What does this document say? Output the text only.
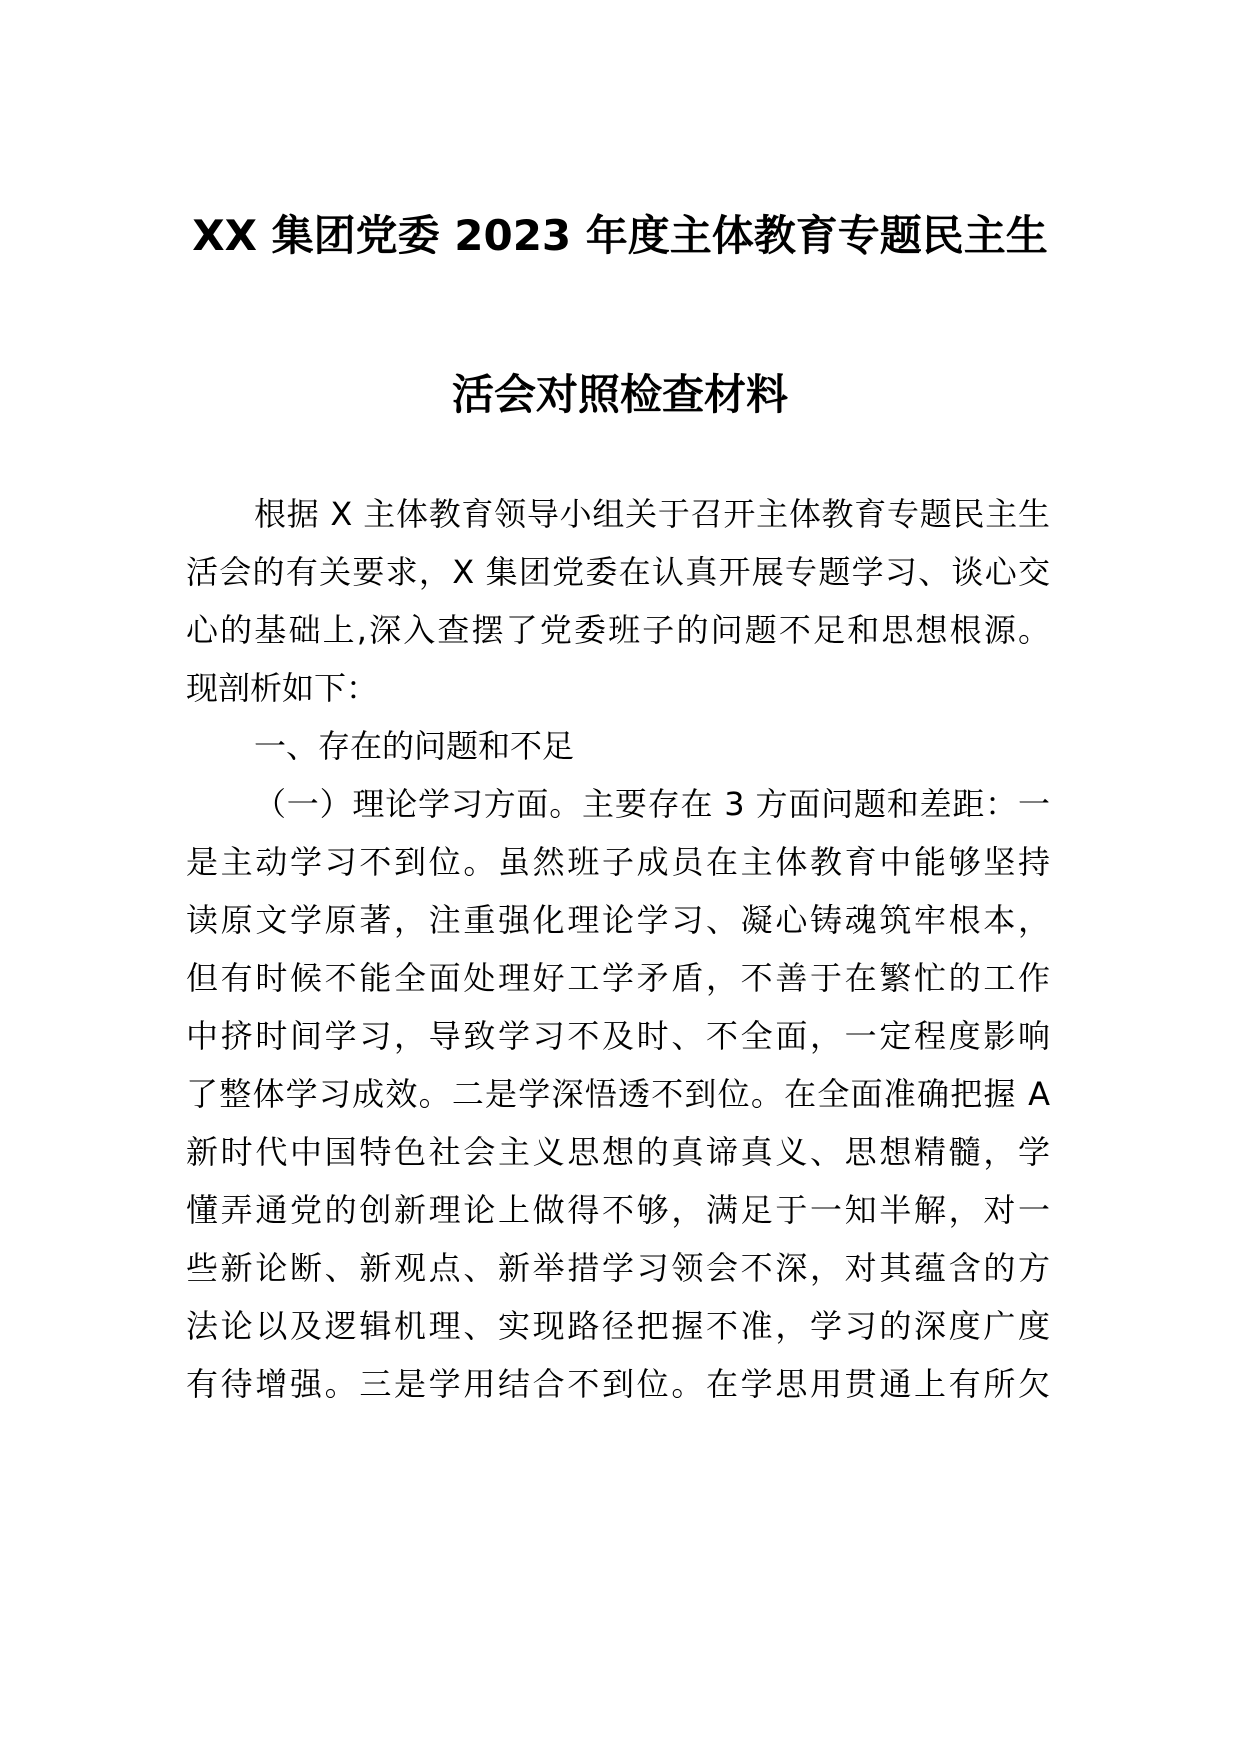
XX 集团党委 2023 年度主体教育专题民主生
活会对照检查材料
根据 X 主体教育领导小组关于召开主体教育专题民主生
活会的有关要求，X 集团党委在认真开展专题学习、谈心交
心的基础上,深入查摆了党委班子的问题不足和思想根源。
现剖析如下：
一、存在的问题和不足
（一）理论学习方面。主要存在 3 方面问题和差距：一
是主动学习不到位。虽然班子成员在主体教育中能够坚持
读原文学原著，注重强化理论学习、凝心铸魂筑牢根本，
但有时候不能全面处理好工学矛盾，不善于在繁忙的工作
中挤时间学习，导致学习不及时、不全面，一定程度影响
了整体学习成效。二是学深悟透不到位。在全面准确把握 A
新时代中国特色社会主义思想的真谛真义、思想精髓，学
懂弄通党的创新理论上做得不够，满足于一知半解，对一
些新论断、新观点、新举措学习领会不深，对其蕴含的方
法论以及逻辑机理、实现路径把握不准，学习的深度广度
有待增强。三是学用结合不到位。在学思用贯通上有所欠
